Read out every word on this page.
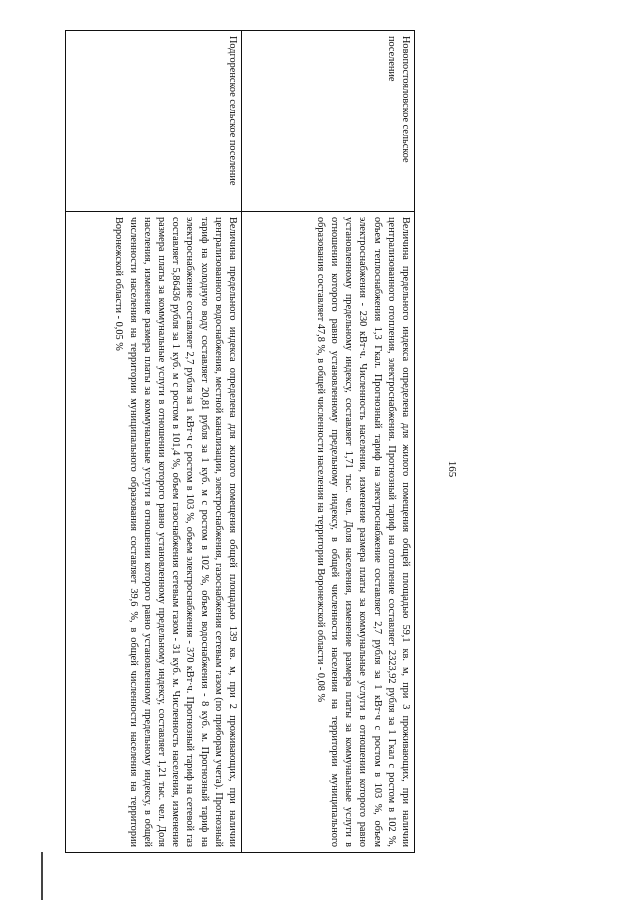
165
Новопостояловское сельское поселение	Величина предельного индекса определена для жилого помещения общей площадью 59,1 кв. м, при 3 проживающих, при наличии централизованного отопления, электроснабжения. Прогнозный тариф на отопление составляет 2323,92 рубля за 1 Гкал с ростом в 102 %, объем теплоснабжения 1,3 Гкал. Прогнозный тариф на электроснабжение составляет 2,7 рубля за 1 кВт·ч с ростом в 103 %, объем электроснабжения - 230 кВт·ч. Численность населения, изменение размера платы за коммунальные услуги в отношении которого равно установленному предельному индексу, составляет 1,71 тыс. чел. Доля населения, изменение размера платы за коммунальные услуги в отношении которого равно установленному предельному индексу, в общей численности населения на территории муниципального образования составляет 47,8 %, в общей численности населения на территории Воронежской области - 0,08 %
Подгоренское сельское поселение	Величина предельного индекса определена для жилого помещения общей площадью 139 кв. м, при 2 проживающих, при наличии централизованного водоснабжения, местной канализации, электроснабжения, газоснабжения сетевым газом (по приборам учета). Прогнозный тариф на холодную воду составляет 20,81 рубля за 1 куб. м с ростом в 102 %, объем водоснабжения - 8 куб. м. Прогнозный тариф на электроснабжение составляет 2,7 рубля за 1 кВт·ч с ростом в 103 %, объем электроснабжения - 370 кВт·ч. Прогнозный тариф на сетевой газ составляет 5,86436 рубля за 1 куб. м с ростом в 101,4 %, объем газоснабжения сетевым газом - 31 куб. м. Численность населения, изменение размера платы за коммунальные услуги в отношении которого равно установленному предельному индексу, составляет 1,21 тыс. чел. Доля населения, изменение размера платы за коммунальные услуги в отношении которого равно установленному предельному индексу, в общей численности населения на территории муниципального образования составляет 39,6 %, в общей численности населения на территории Воронежской области - 0,05 %
